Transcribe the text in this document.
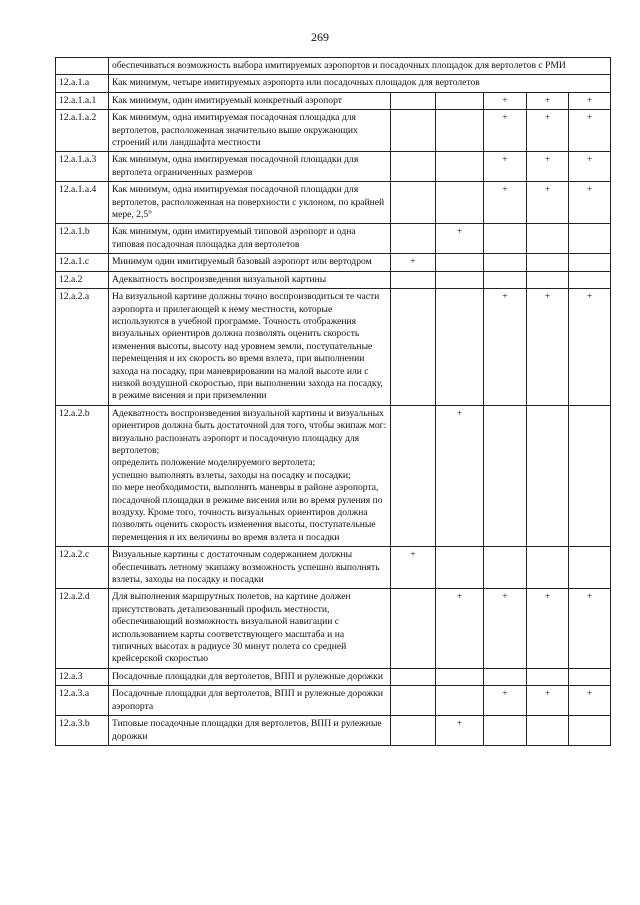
269
	обеспечиваться возможность выбора имитируемых аэропортов и посадочных площадок для вертолетов с РМИ					
12.a.1.a	Как минимум, четыре имитируемых аэропорта или посадочных площадок для вертолетов					
12.a.1.a.1	Как минимум, один имитируемый конкретный аэропорт			+	+	+
12.a.1.a.2	Как минимум, одна имитируемая посадочная площадка для вертолетов, расположенная значительно выше окружающих строений или ландшафта местности			+	+	+
12.a.1.a.3	Как минимум, одна имитируемая посадочной площадки для вертолета ограниченных размеров			+	+	+
12.a.1.a.4	Как минимум, одна имитируемая посадочной площадки для вертолетов, расположенная на поверхности с уклоном, по крайней мере, 2,5°			+	+	+
12.a.1.b	Как минимум, один имитируемый типовой аэропорт и одна типовая посадочная площадка для вертолетов		+			
12.a.1.c	Минимум один имитируемый базовый аэропорт или вертодром	+				
12.a.2	Адекватность воспроизведения визуальной картины					
12.a.2.a	На визуальной картине должны точно воспроизводиться те части аэропорта и прилегающей к нему местности, которые используются в учебной программе. Точность отображения визуальных ориентиров должна позволять оценить скорость изменения высоты, высоту над уровнем земли, поступательные перемещения и их скорость во время взлета, при выполнении захода на посадку, при маневрировании на малой высоте или с низкой воздушной скоростью, при выполнении захода на посадку, в режиме висения и при приземлении			+	+	+
12.a.2.b	Адекватность воспроизведения визуальной картины и визуальных ориентиров должна быть достаточной для того, чтобы экипаж мог:
визуально распознать аэропорт и посадочную площадку для вертолетов;
определить положение моделируемого вертолета;
успешно выполнять взлеты, заходы на посадку и посадки;
по мере необходимости, выполнять маневры в районе аэропорта, посадочной площадки в режиме висения или во время руления по воздуху. Кроме того, точность визуальных ориентиров должна позволять оценить скорость изменения высоты, поступательные перемещения и их величины во время взлета и посадки		+			
12.a.2.c	Визуальные картины с достаточным содержанием должны обеспечивать летному экипажу возможность успешно выполнять взлеты, заходы на посадку и посадки	+				
12.a.2.d	Для выполнения маршрутных полетов, на картине должен присутствовать детализованный профиль местности, обеспечивающий возможность визуальной навигации с использованием карты соответствующего масштаба и на типичных высотах в радиусе 30 минут полета со средней крейсерской скоростью		+	+	+	+
12.a.3	Посадочные площадки для вертолетов, ВПП и рулежные дорожки					
12.a.3.a	Посадочные площадки для вертолетов, ВПП и рулежные дорожки аэропорта			+	+	+
12.a.3.b	Типовые посадочные площадки для вертолетов, ВПП и рулежные дорожки		+			
